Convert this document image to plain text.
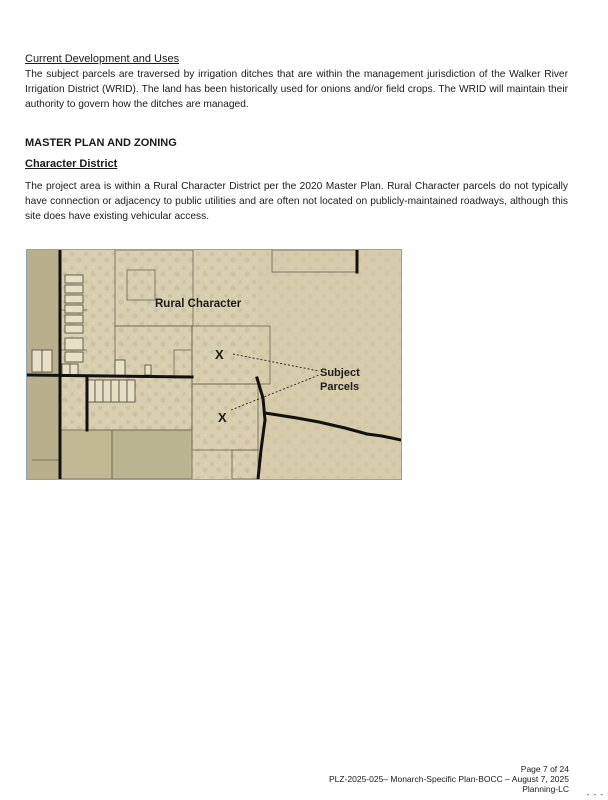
Current Development and Uses

The subject parcels are traversed by irrigation ditches that are within the management jurisdiction of the Walker River Irrigation District (WRID). The land has been historically used for onions and/or field crops. The WRID will maintain their authority to govern how the ditches are managed.

MASTER PLAN AND ZONING
Character District

The project area is within a Rural Character District per the 2020 Master Plan. Rural Character parcels do not typically have connection or adjacency to public utilities and are often not located on publicly-maintained roadways, although this site does have existing vehicular access.

Rural Character
Subject
Parcels
X
X
Page 7 of 24
PLZ-2025-025– Monarch-Specific Plan-BOCC – August 7, 2025
Planning-LC
- - -
